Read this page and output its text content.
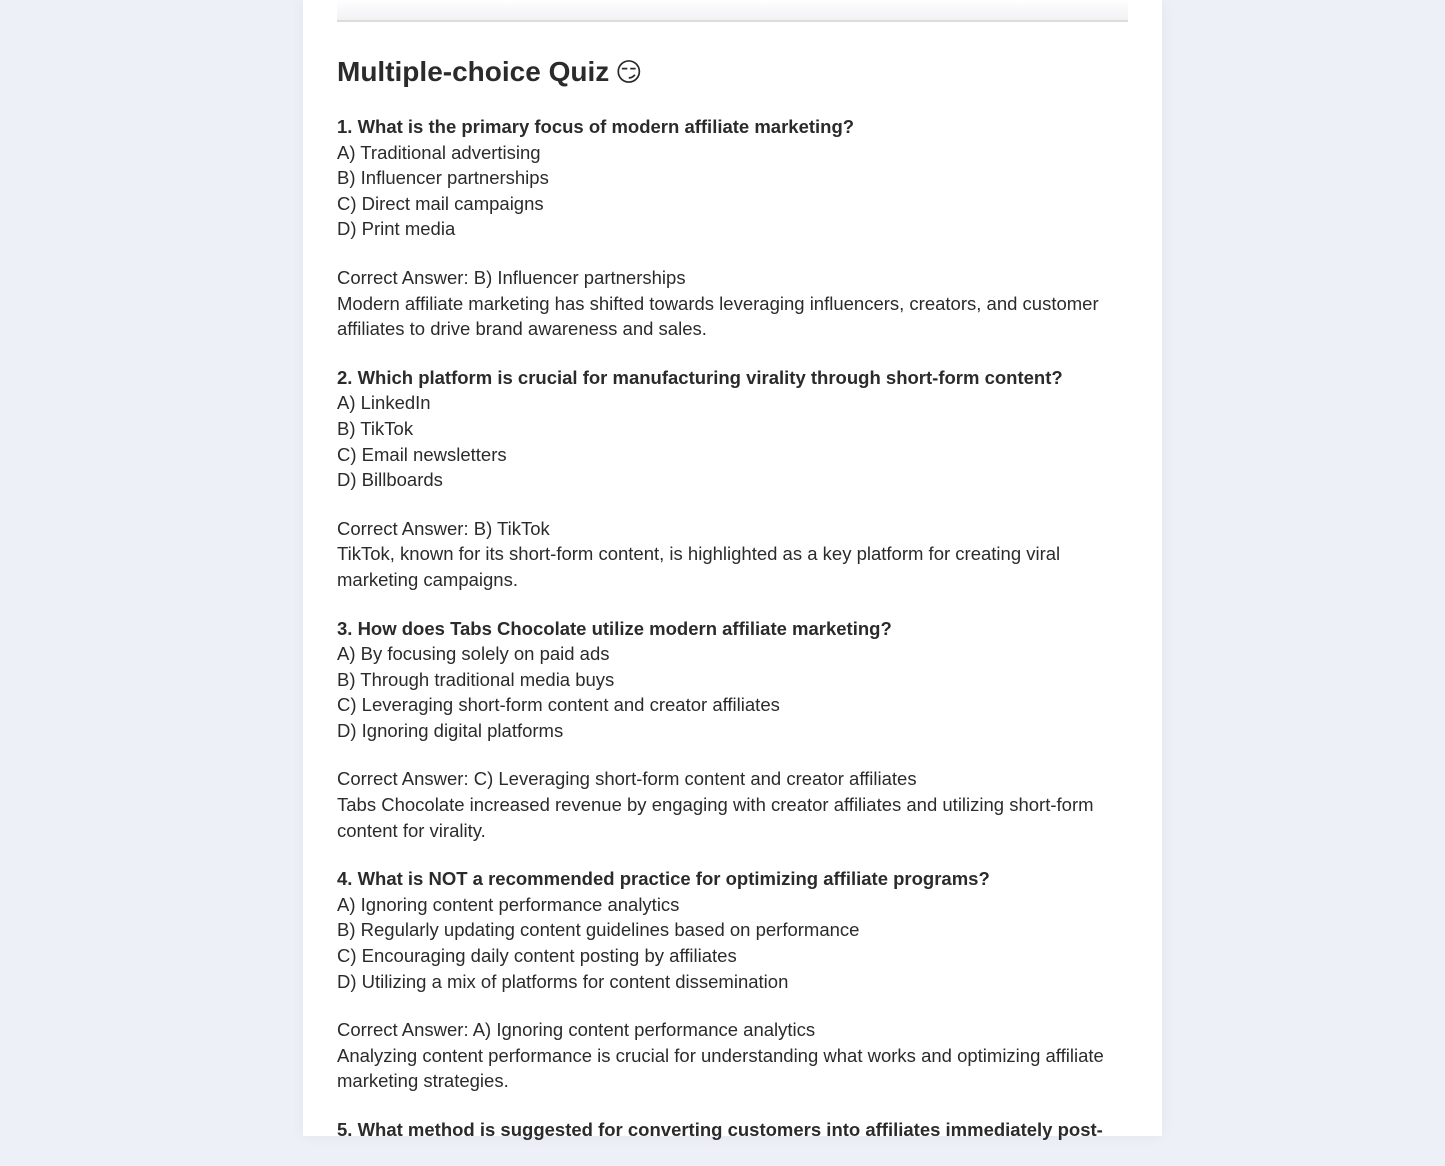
Multiple-choice Quiz 😏

1. What is the primary focus of modern affiliate marketing?

A) Traditional advertising

B) Influencer partnerships

C) Direct mail campaigns

D) Print media

Correct Answer: B) Influencer partnerships

Modern affiliate marketing has shifted towards leveraging influencers, creators, and customer affiliates to drive brand awareness and sales.

2. Which platform is crucial for manufacturing virality through short-form content?

A) LinkedIn

B) TikTok

C) Email newsletters

D) Billboards

Correct Answer: B) TikTok

TikTok, known for its short-form content, is highlighted as a key platform for creating viral marketing campaigns.

3. How does Tabs Chocolate utilize modern affiliate marketing?

A) By focusing solely on paid ads

B) Through traditional media buys

C) Leveraging short-form content and creator affiliates

D) Ignoring digital platforms

Correct Answer: C) Leveraging short-form content and creator affiliates

Tabs Chocolate increased revenue by engaging with creator affiliates and utilizing short-form content for virality.

4. What is NOT a recommended practice for optimizing affiliate programs?

A) Ignoring content performance analytics

B) Regularly updating content guidelines based on performance

C) Encouraging daily content posting by affiliates

D) Utilizing a mix of platforms for content dissemination

Correct Answer: A) Ignoring content performance analytics

Analyzing content performance is crucial for understanding what works and optimizing affiliate marketing strategies.

5. What method is suggested for converting customers into affiliates immediately post-
